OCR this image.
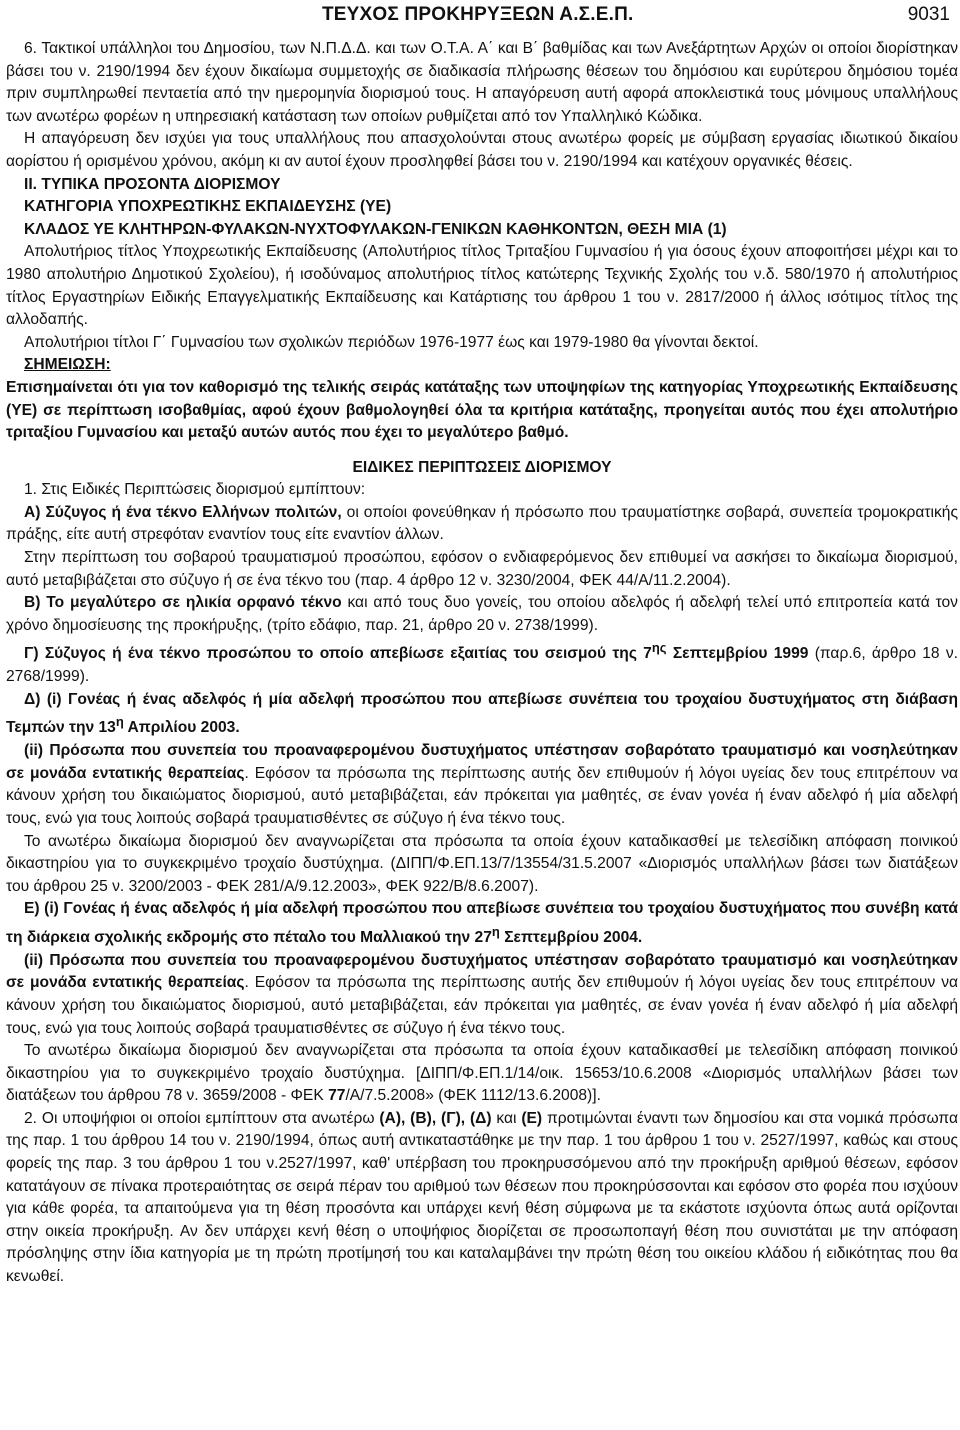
ΤΕΥΧΟΣ ΠΡΟΚΗΡΥΞΕΩΝ Α.Σ.Ε.Π.	9031

6. Τακτικοί υπάλληλοι του Δημοσίου, των Ν.Π.Δ.Δ. και των Ο.Τ.Α. Α΄ και Β΄ βαθμίδας και των Ανεξάρτητων Αρχών οι οποίοι διορίστηκαν βάσει του ν. 2190/1994 δεν έχουν δικαίωμα συμμετοχής σε διαδικασία πλήρωσης θέσεων του δημόσιου και ευρύτερου δημόσιου τομέα πριν συμπληρωθεί πενταετία από την ημερομηνία διορισμού τους. Η απαγόρευση αυτή αφορά αποκλειστικά τους μόνιμους υπαλλήλους των ανωτέρω φορέων η υπηρεσιακή κατάσταση των οποίων ρυθμίζεται από τον Υπαλληλικό Κώδικα.

Η απαγόρευση δεν ισχύει για τους υπαλλήλους που απασχολούνται στους ανωτέρω φορείς με σύμβαση εργασίας ιδιωτικού δικαίου αορίστου ή ορισμένου χρόνου, ακόμη κι αν αυτοί έχουν προσληφθεί βάσει του ν. 2190/1994 και κατέχουν οργανικές θέσεις.

ΙΙ. ΤΥΠΙΚΑ ΠΡΟΣΟΝΤΑ ΔΙΟΡΙΣΜΟΥ

ΚΑΤΗΓΟΡΙΑ ΥΠΟΧΡΕΩΤΙΚΗΣ ΕΚΠΑΙΔΕΥΣΗΣ (ΥΕ)

ΚΛΑΔΟΣ ΥΕ ΚΛΗΤΗΡΩΝ-ΦΥΛΑΚΩΝ-ΝΥΧΤΟΦΥΛΑΚΩΝ-ΓΕΝΙΚΩΝ ΚΑΘΗΚΟΝΤΩΝ, ΘΕΣΗ ΜΙΑ (1)

Απολυτήριος τίτλος Υποχρεωτικής Εκπαίδευσης (Απολυτήριος τίτλος Τριταξίου Γυμνασίου ή για όσους έχουν αποφοιτήσει μέχρι και το 1980 απολυτήριο Δημοτικού Σχολείου), ή ισοδύναμος απολυτήριος τίτλος κατώτερης Τεχνικής Σχολής του ν.δ. 580/1970 ή απολυτήριος τίτλος Εργαστηρίων Ειδικής Επαγγελματικής Εκπαίδευσης και Κατάρτισης του άρθρου 1 του ν. 2817/2000 ή άλλος ισότιμος τίτλος της αλλοδαπής.

Απολυτήριοι τίτλοι Γ΄ Γυμνασίου των σχολικών περιόδων 1976-1977 έως και 1979-1980 θα γίνονται δεκτοί.

ΣΗΜΕΙΩΣΗ:

Επισημαίνεται ότι για τον καθορισμό της τελικής σειράς κατάταξης των υποψηφίων της κατηγορίας Υποχρεωτικής Εκπαίδευσης (ΥΕ) σε περίπτωση ισοβαθμίας, αφού έχουν βαθμολογηθεί όλα τα κριτήρια κατάταξης, προηγείται αυτός που έχει απολυτήριο τριταξίου Γυμνασίου και μεταξύ αυτών αυτός που έχει το μεγαλύτερο βαθμό.

ΕΙΔΙΚΕΣ ΠΕΡΙΠΤΩΣΕΙΣ ΔΙΟΡΙΣΜΟΥ

1. Στις Ειδικές Περιπτώσεις διορισμού εμπίπτουν:

Α) Σύζυγος ή ένα τέκνο Ελλήνων πολιτών, οι οποίοι φονεύθηκαν ή πρόσωπο που τραυματίστηκε σοβαρά, συνεπεία τρομοκρατικής πράξης, είτε αυτή στρεφόταν εναντίον τους είτε εναντίον άλλων.

Στην περίπτωση του σοβαρού τραυματισμού προσώπου, εφόσον ο ενδιαφερόμενος δεν επιθυμεί να ασκήσει το δικαίωμα διορισμού, αυτό μεταβιβάζεται στο σύζυγο ή σε ένα τέκνο του (παρ. 4 άρθρο 12 ν. 3230/2004, ΦΕΚ 44/Α/11.2.2004).

Β) Το μεγαλύτερο σε ηλικία ορφανό τέκνο και από τους δυο γονείς, του οποίου αδελφός ή αδελφή τελεί υπό επιτροπεία κατά τον χρόνο δημοσίευσης της προκήρυξης, (τρίτο εδάφιο, παρ. 21, άρθρο 20 ν. 2738/1999).

Γ) Σύζυγος ή ένα τέκνο προσώπου το οποίο απεβίωσε εξαιτίας του σεισμού της $7^{\eta\varsigma}$ Σεπτεμβρίου 1999 (παρ.6, άρθρο 18 ν. 2768/1999).

Δ) (i) Γονέας ή ένας αδελφός ή μία αδελφή προσώπου που απεβίωσε συνέπεια του τροχαίου δυστυχήματος στη διάβαση Τεμπών την $13^\eta$ Απριλίου 2003.

(ii) Πρόσωπα που συνεπεία του προαναφερομένου δυστυχήματος υπέστησαν σοβαρότατο τραυματισμό και νοσηλεύτηκαν σε μονάδα εντατικής θεραπείας. Εφόσον τα πρόσωπα της περίπτωσης αυτής δεν επιθυμούν ή λόγοι υγείας δεν τους επιτρέπουν να κάνουν χρήση του δικαιώματος διορισμού, αυτό μεταβιβάζεται, εάν πρόκειται για μαθητές, σε έναν γονέα ή έναν αδελφό ή μία αδελφή τους, ενώ για τους λοιπούς σοβαρά τραυματισθέντες σε σύζυγο ή ένα τέκνο τους.

Το ανωτέρω δικαίωμα διορισμού δεν αναγνωρίζεται στα πρόσωπα τα οποία έχουν καταδικασθεί με τελεσίδικη απόφαση ποινικού δικαστηρίου για το συγκεκριμένο τροχαίο δυστύχημα. (ΔΙΠΠ/Φ.ΕΠ.13/7/13554/31.5.2007 «Διορισμός υπαλλήλων βάσει των διατάξεων του άρθρου 25 ν. 3200/2003 - ΦΕΚ 281/Α/9.12.2003», ΦΕΚ 922/Β/8.6.2007).

Ε) (i) Γονέας ή ένας αδελφός ή μία αδελφή προσώπου που απεβίωσε συνέπεια του τροχαίου δυστυχήματος που συνέβη κατά τη διάρκεια σχολικής εκδρομής στο πέταλο του Μαλλιακού την $27^\eta$ Σεπτεμβρίου 2004.

(ii) Πρόσωπα που συνεπεία του προαναφερομένου δυστυχήματος υπέστησαν σοβαρότατο τραυματισμό και νοσηλεύτηκαν σε μονάδα εντατικής θεραπείας. Εφόσον τα πρόσωπα της περίπτωσης αυτής δεν επιθυμούν ή λόγοι υγείας δεν τους επιτρέπουν να κάνουν χρήση του δικαιώματος διορισμού, αυτό μεταβιβάζεται, εάν πρόκειται για μαθητές, σε έναν γονέα ή έναν αδελφό ή μία αδελφή τους, ενώ για τους λοιπούς σοβαρά τραυματισθέντες σε σύζυγο ή ένα τέκνο τους.

Το ανωτέρω δικαίωμα διορισμού δεν αναγνωρίζεται στα πρόσωπα τα οποία έχουν καταδικασθεί με τελεσίδικη απόφαση ποινικού δικαστηρίου για το συγκεκριμένο τροχαίο δυστύχημα. [ΔΙΠΠ/Φ.ΕΠ.1/14/οικ. 15653/10.6.2008 «Διορισμός υπαλλήλων βάσει των διατάξεων του άρθρου 78 ν. 3659/2008 - ΦΕΚ 77/Α/7.5.2008» (ΦΕΚ 1112/13.6.2008)].

2. Οι υποψήφιοι οι οποίοι εμπίπτουν στα ανωτέρω (Α), (Β), (Γ), (Δ) και (Ε) προτιμώνται έναντι των δημοσίου και στα νομικά πρόσωπα της παρ. 1 του άρθρου 14 του ν. 2190/1994, όπως αυτή αντικαταστάθηκε με την παρ. 1 του άρθρου 1 του ν. 2527/1997, καθώς και στους φορείς της παρ. 3 του άρθρου 1 του ν.2527/1997, καθ' υπέρβαση του προκηρυσσόμενου από την προκήρυξη αριθμού θέσεων, εφόσον κατατάγουν σε πίνακα προτεραιότητας σε σειρά πέραν του αριθμού των θέσεων που προκηρύσσονται και εφόσον στο φορέα που ισχύουν για κάθε φορέα, τα απαιτούμενα για τη θέση προσόντα και υπάρχει κενή θέση σύμφωνα με τα εκάστοτε ισχύοντα όπως αυτά ορίζονται στην οικεία προκήρυξη. Αν δεν υπάρχει κενή θέση ο υποψήφιος διορίζεται σε προσωποπαγή θέση που συνιστάται με την απόφαση πρόσληψης στην ίδια κατηγορία με τη πρώτη προτίμησή του και καταλαμβάνει την πρώτη θέση του οικείου κλάδου ή ειδικότητας που θα κενωθεί.
